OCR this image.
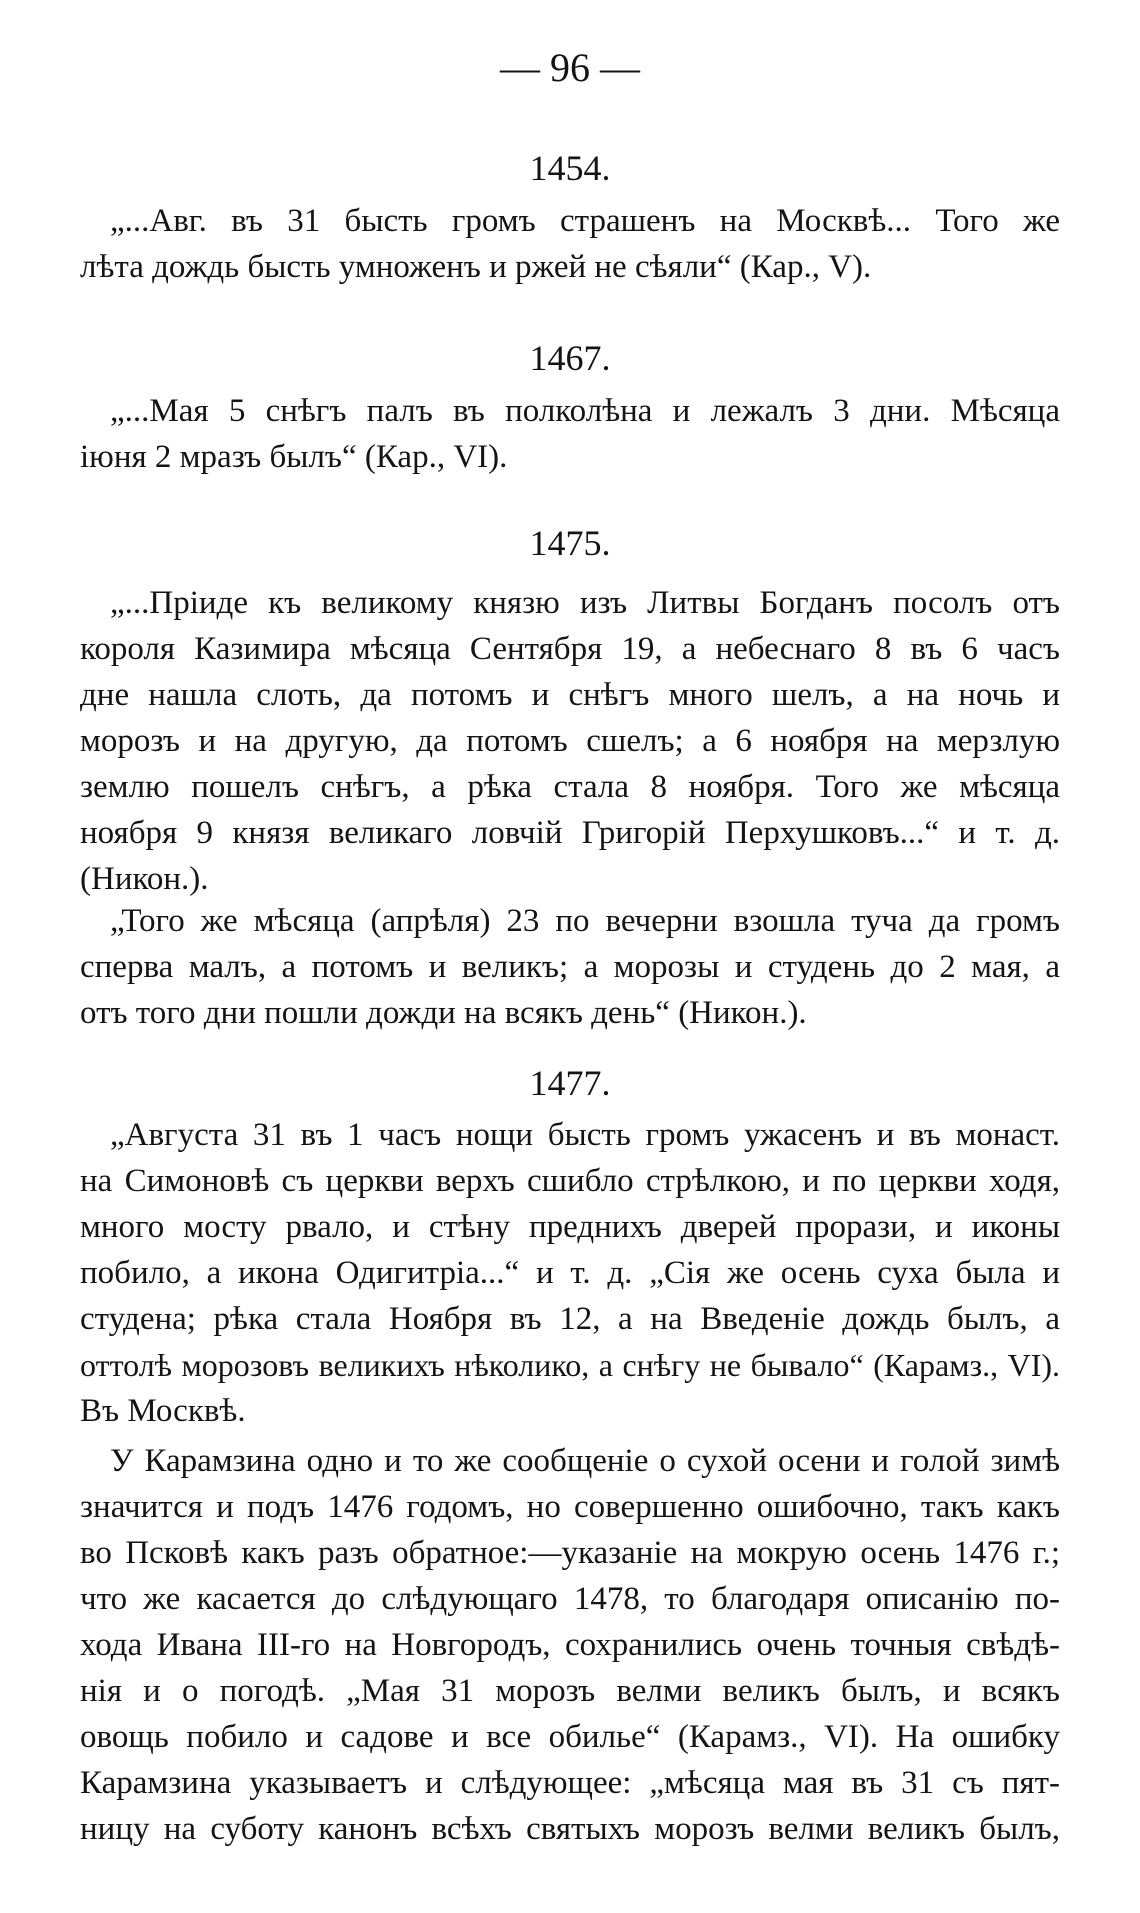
— 96 —
1454.
„...Авг. въ 31 бысть громъ страшенъ на Москвѣ... Того же
лѣта дождь бысть умноженъ и ржей не сѣяли“ (Кар., V).
1467.
„...Мая 5 снѣгъ палъ въ полколѣна и лежалъ 3 дни. Мѣсяца
іюня 2 мразъ былъ“ (Кар., VI).
1475.
„...Пріиде къ великому князю изъ Литвы Богданъ посолъ отъ
короля Казимира мѣсяца Сентября 19, а небеснаго 8 въ 6 часъ
дне нашла слоть, да потомъ и снѣгъ много шелъ, а на ночь и
морозъ и на другую, да потомъ сшелъ; а 6 ноября на мерзлую
землю пошелъ снѣгъ, а рѣка стала 8 ноября. Того же мѣсяца
ноября 9 князя великаго ловчій Григорій Перхушковъ...“ и т. д.
(Никон.).
„Того же мѣсяца (апрѣля) 23 по вечерни взошла туча да громъ
сперва малъ, а потомъ и великъ; а морозы и студень до 2 мая, а
отъ того дни пошли дожди на всякъ день“ (Никон.).
1477.
„Августа 31 въ 1 часъ нощи бысть громъ ужасенъ и въ монаст.
на Симоновѣ съ церкви верхъ сшибло стрѣлкою, и по церкви ходя,
много мосту рвало, и стѣну преднихъ дверей прорази, и иконы
побило, а икона Одигитріа...“ и т. д. „Сія же осень суха была и
студена; рѣка стала Ноября въ 12, а на Введеніе дождь былъ, а
оттолѣ морозовъ великихъ нѣколико, а снѣгу не бывало“ (Карамз., VI).
Въ Москвѣ.
У Карамзина одно и то же сообщеніе о сухой осени и голой зимѣ
значится и подъ 1476 годомъ, но совершенно ошибочно, такъ какъ
во Псковѣ какъ разъ обратное:—указаніе на мокрую осень 1476 г.;
что же касается до слѣдующаго 1478, то благодаря описанію по-
хода Ивана III-го на Новгородъ, сохранились очень точныя свѣдѣ-
нія и о погодѣ. „Мая 31 морозъ велми великъ былъ, и всякъ
овощь побило и садове и все обилье“ (Карамз., VI). На ошибку
Карамзина указываетъ и слѣдующее: „мѣсяца мая въ 31 съ пят-
ницу на суботу канонъ всѣхъ святыхъ морозъ велми великъ былъ,
